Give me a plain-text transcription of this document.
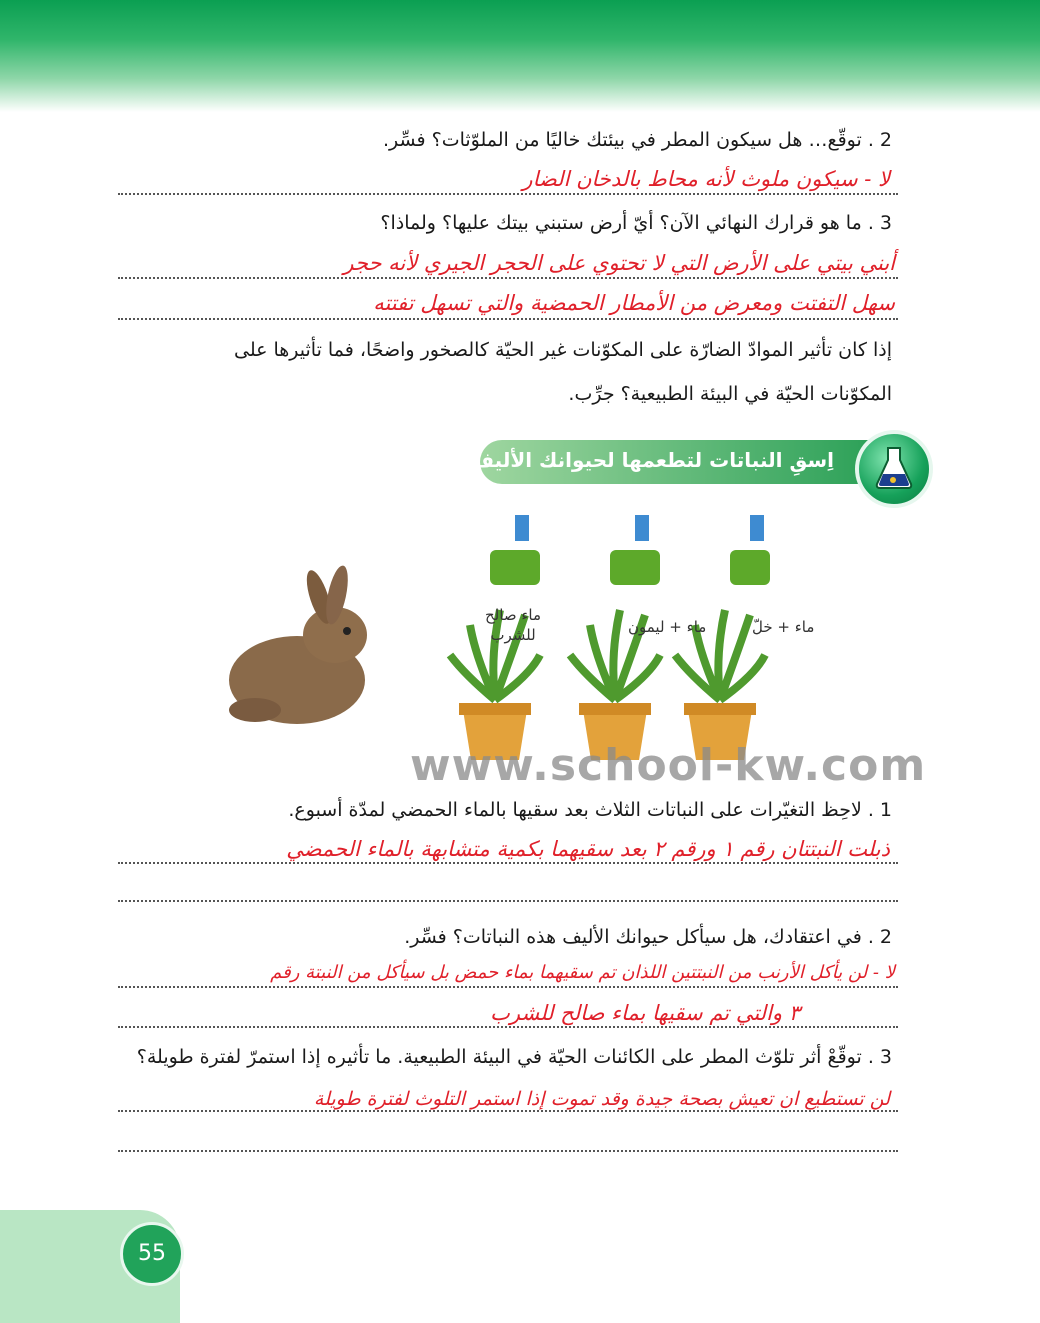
2 . توقّع… هل سيكون المطر في بيئتك خاليًا من الملوّثات؟ فسِّر.
لا - سيكون ملوث لأنه محاط بالدخان الضار
3 . ما هو قرارك النهائي الآن؟ أيّ أرض ستبني بيتك عليها؟ ولماذا؟
أبني بيتي على الأرض التي لا تحتوي على الحجر الجيري لأنه حجر
سهل التفتت ومعرض من الأمطار الحمضية والتي تسهل تفتته
إذا كان تأثير الموادّ الضارّة على المكوّنات غير الحيّة كالصخور واضحًا، فما تأثيرها على
المكوّنات الحيّة في البيئة الطبيعية؟ جرِّب.
اِسقِ النباتات لتطعمها لحيوانك الأليف
ماء صالح للشرب	ماء + ليمون	ماء + خلّ
www.school-kw.com
1 . لاحِظ التغيّرات على النباتات الثلاث بعد سقيها بالماء الحمضي لمدّة أسبوع.
ذبلت النبتتان رقم ١ ورقم ٢ بعد سقيهما بكمية متشابهة بالماء الحمضي
2 . في اعتقادك، هل سيأكل حيوانك الأليف هذه النباتات؟ فسِّر.
لا - لن يأكل الأرنب من النبتتين اللذان تم سقيهما بماء حمض بل سيأكل من النبتة رقم
٣ والتي تم سقيها بماء صالح للشرب
3 . توقّعْ أثر تلوّث المطر على الكائنات الحيّة في البيئة الطبيعية. ما تأثيره إذا استمرّ لفترة طويلة؟
لن تستطيع ان تعيش بصحة جيدة وقد تموت إذا استمر التلوث لفترة طويلة
55
